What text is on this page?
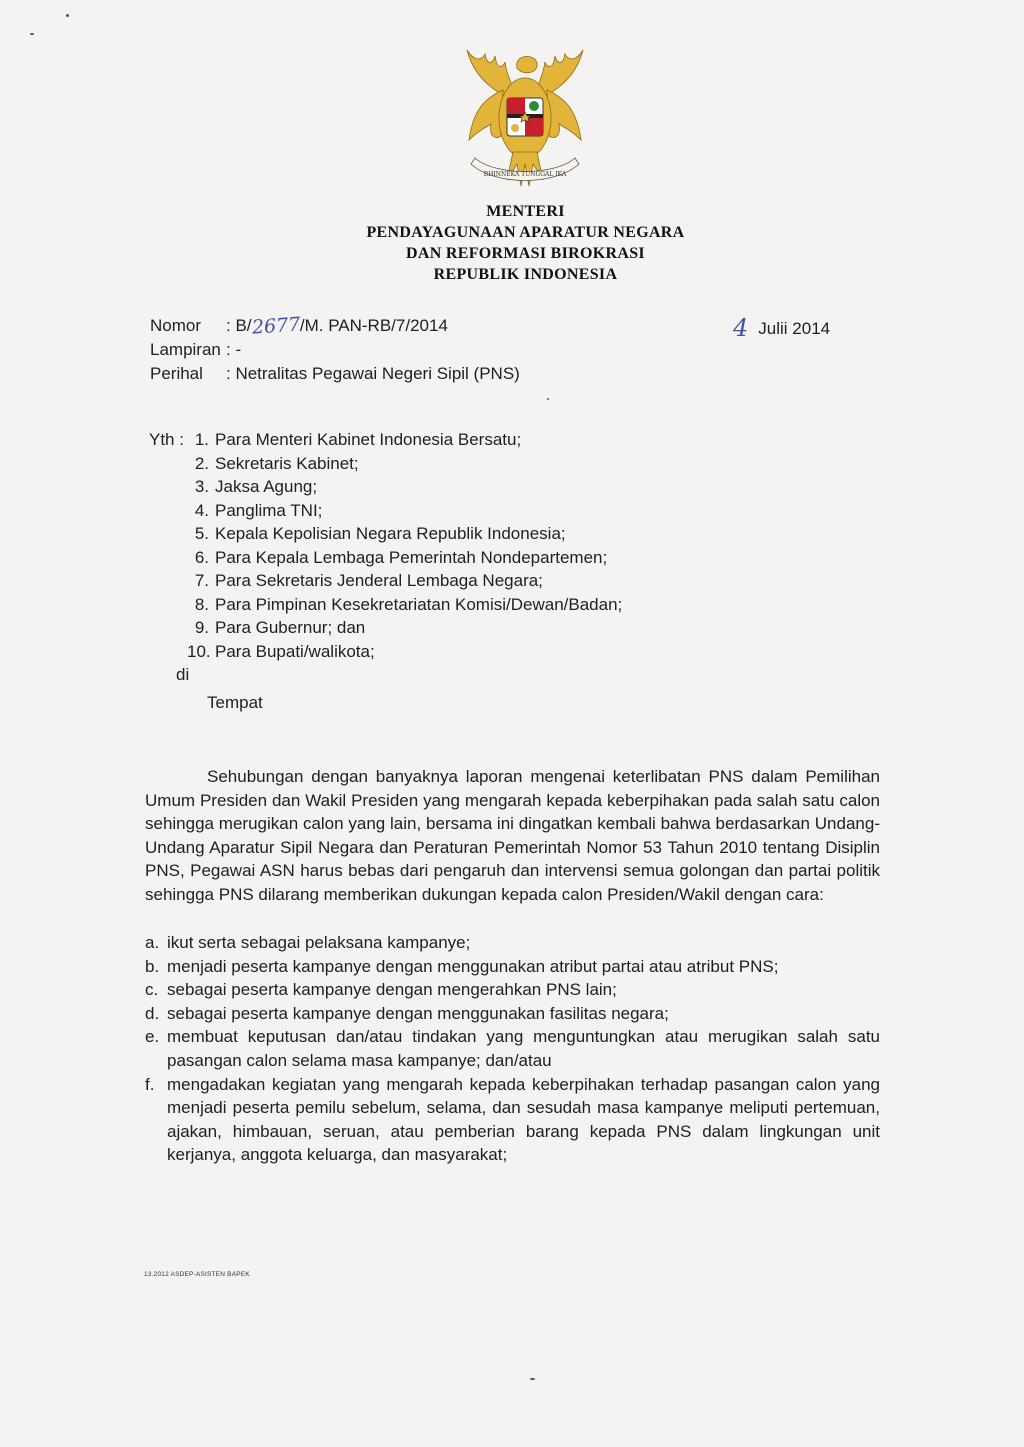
BHINNEKA TUNGGAL IKA
MENTERI
PENDAYAGUNAAN APARATUR NEGARA
DAN REFORMASI BIROKRASI
REPUBLIK INDONESIA
Nomor	: B/ 2677 /M. PAN-RB/7/2014
Lampiran : -
Perihal	: Netralitas Pegawai Negeri Sipil (PNS)
4 Julii 2014
Yth : 1. Para Menteri Kabinet Indonesia Bersatu;
2. Sekretaris Kabinet;
3. Jaksa Agung;
4. Panglima TNI;
5. Kepala Kepolisian Negara Republik Indonesia;
6. Para Kepala Lembaga Pemerintah Nondepartemen;
7. Para Sekretaris Jenderal Lembaga Negara;
8. Para Pimpinan Kesekretariatan Komisi/Dewan/Badan;
9. Para Gubernur; dan
10. Para Bupati/walikota;
di
Tempat

Sehubungan dengan banyaknya laporan mengenai keterlibatan PNS dalam Pemilihan Umum Presiden dan Wakil Presiden yang mengarah kepada keberpihakan pada salah satu calon sehingga merugikan calon yang lain, bersama ini dingatkan kembali bahwa berdasarkan Undang-Undang Aparatur Sipil Negara dan Peraturan Pemerintah Nomor 53 Tahun 2010 tentang Disiplin PNS, Pegawai ASN harus bebas dari pengaruh dan intervensi semua golongan dan partai politik sehingga PNS dilarang memberikan dukungan kepada calon Presiden/Wakil dengan cara:

a. ikut serta sebagai pelaksana kampanye;
b. menjadi peserta kampanye dengan menggunakan atribut partai atau atribut PNS;
c. sebagai peserta kampanye dengan mengerahkan PNS lain;
d. sebagai peserta kampanye dengan menggunakan fasilitas negara;
e. membuat keputusan dan/atau tindakan yang menguntungkan atau merugikan salah satu pasangan calon selama masa kampanye; dan/atau
f. mengadakan kegiatan yang mengarah kepada keberpihakan terhadap pasangan calon yang menjadi peserta pemilu sebelum, selama, dan sesudah masa kampanye meliputi pertemuan, ajakan, himbauan, seruan, atau pemberian barang kepada PNS dalam lingkungan unit kerjanya, anggota keluarga, dan masyarakat;
13.2012 ASDEP-ASISTEN BAPEK
